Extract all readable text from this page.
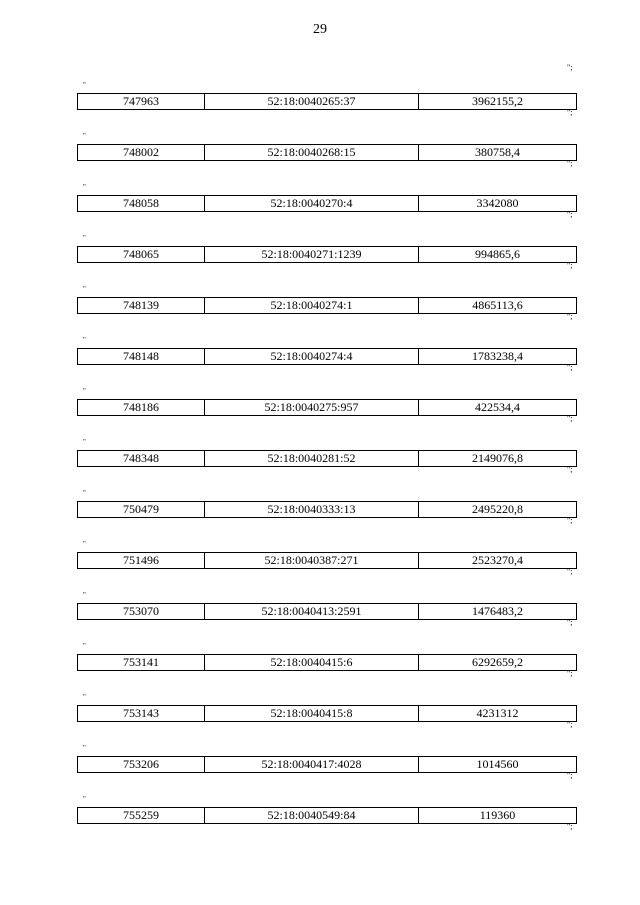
29
";
"
747963	52:18:0040265:37	3962155,2
";
"
748002	52:18:0040268:15	380758,4
";
"
748058	52:18:0040270:4	3342080
";
"
748065	52:18:0040271:1239	994865,6
";
"
748139	52:18:0040274:1	4865113,6
";
"
748148	52:18:0040274:4	1783238,4
";
"
748186	52:18:0040275:957	422534,4
";
"
748348	52:18:0040281:52	2149076,8
";
"
750479	52:18:0040333:13	2495220,8
";
"
751496	52:18:0040387:271	2523270,4
";
"
753070	52:18:0040413:2591	1476483,2
";
"
753141	52:18:0040415:6	6292659,2
";
"
753143	52:18:0040415:8	4231312
";
"
753206	52:18:0040417:4028	1014560
";
"
755259	52:18:0040549:84	119360
";
